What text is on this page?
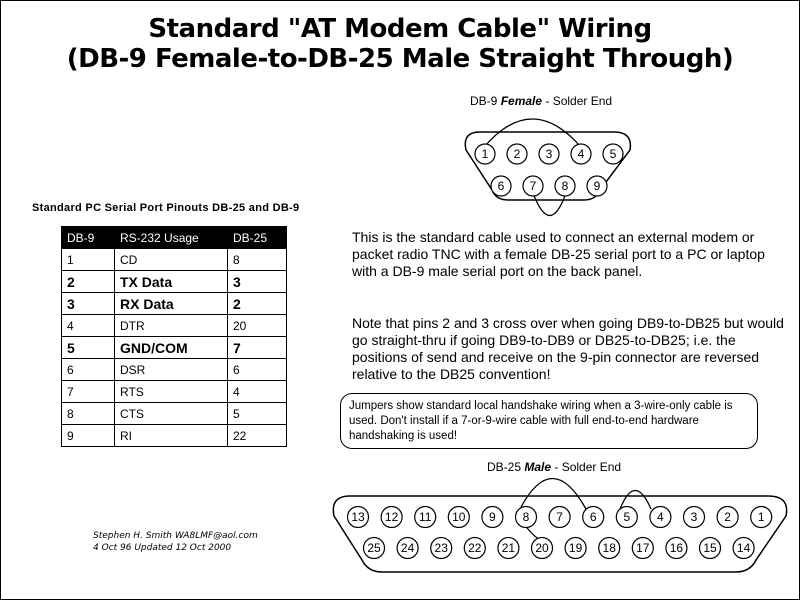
Standard "AT Modem Cable" Wiring
(DB-9 Female-to-DB-25 Male Straight Through)
DB-9 Female - Solder End
DB-25 Male - Solder End
1 2 3 4 5
6 7 8 9
13 12 11 10 9 8 7 6 5 4 3 2 1
25 24 23 22 21 20 19 18 17 16 15 14
Standard PC Serial Port Pinouts DB-25 and DB-9
DB-9	RS-232 Usage	DB-25
1	CD	8
2	TX Data	3
3	RX Data	2
4	DTR	20
5	GND/COM	7
6	DSR	6
7	RTS	4
8	CTS	5
9	RI	22
This is the standard cable used to connect an external modem or packet radio TNC with a female DB-25 serial port to a PC or laptop with a DB-9 male serial port on the back panel.
Note that pins 2 and 3 cross over when going DB9-to-DB25 but would go straight-thru if going DB9-to-DB9 or DB25-to-DB25; i.e. the positions of send and receive on the 9-pin connector are reversed relative to the DB25 convention!
Jumpers show standard local handshake wiring when a 3-wire-only cable is used. Don't install if a 7-or-9-wire cable with full end-to-end hardware handshaking is used!
Stephen H. Smith WA8LMF@aol.com
4 Oct 96 Updated 12 Oct 2000
